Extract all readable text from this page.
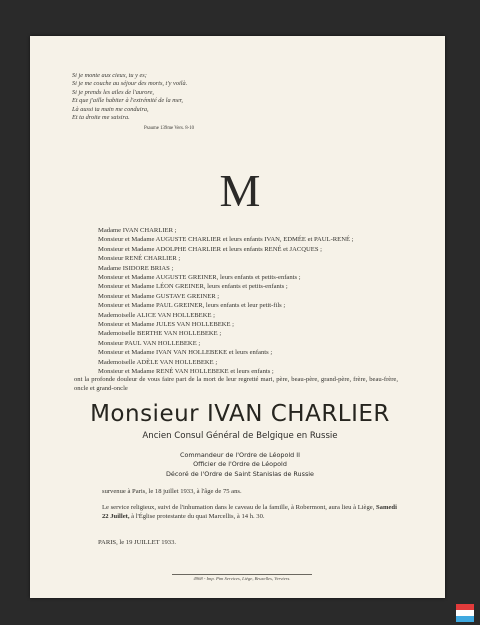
Si je monte aux cieux, tu y es;
Si je me couche au séjour des morts, t'y voilà.
Si je prends les ailes de l'aurore,
Et que j'aille habiter à l'extrémité de la mer,
Là aussi ta main me conduira,
Et ta droite me saisira.
Psaume 139me Vers. 8-10
M
Madame IVAN CHARLIER ;
Monsieur et Madame AUGUSTE CHARLIER et leurs enfants IVAN, EDMÉE et PAUL-RENÉ ;
Monsieur et Madame ADOLPHE CHARLIER et leurs enfants RENÉ et JACQUES ;
Monsieur RENÉ CHARLIER ;
Madame ISIDORE BRIAS ;
Monsieur et Madame AUGUSTE GREINER, leurs enfants et petits-enfants ;
Monsieur et Madame LÉON GREINER, leurs enfants et petits-enfants ;
Monsieur et Madame GUSTAVE GREINER ;
Monsieur et Madame PAUL GREINER, leurs enfants et leur petit-fils ;
Mademoiselle ALICE VAN HOLLEBEKE ;
Monsieur et Madame JULES VAN HOLLEBEKE ;
Mademoiselle BERTHE VAN HOLLEBEKE ;
Monsieur PAUL VAN HOLLEBEKE ;
Monsieur et Madame IVAN VAN HOLLEBEKE et leurs enfants ;
Mademoiselle ADÈLE VAN HOLLEBEKE ;
Monsieur et Madame RENÉ VAN HOLLEBEKE et leurs enfants ;
ont la profonde douleur de vous faire part de la mort de leur regretté mari, père, beau-père, grand-père, frère, beau-frère, oncle et grand-oncle
Monsieur IVAN CHARLIER
Ancien Consul Général de Belgique en Russie
Commandeur de l'Ordre de Léopold II
Officier de l'Ordre de Léopold
Décoré de l'Ordre de Saint Stanislas de Russie
survenue à Paris, le 18 juillet 1933, à l'âge de 75 ans.
Le service religieux, suivi de l'inhumation dans le caveau de la famille, à Robermont, aura lieu à Liège, Samedi 22 Juillet, à l'Église protestante du quai Marcellis, à 14 h. 30.
PARIS, le 19 JUILLET 1933.
4968 - Imp. Pim Services, Liège, Bruxelles, Verviers.
